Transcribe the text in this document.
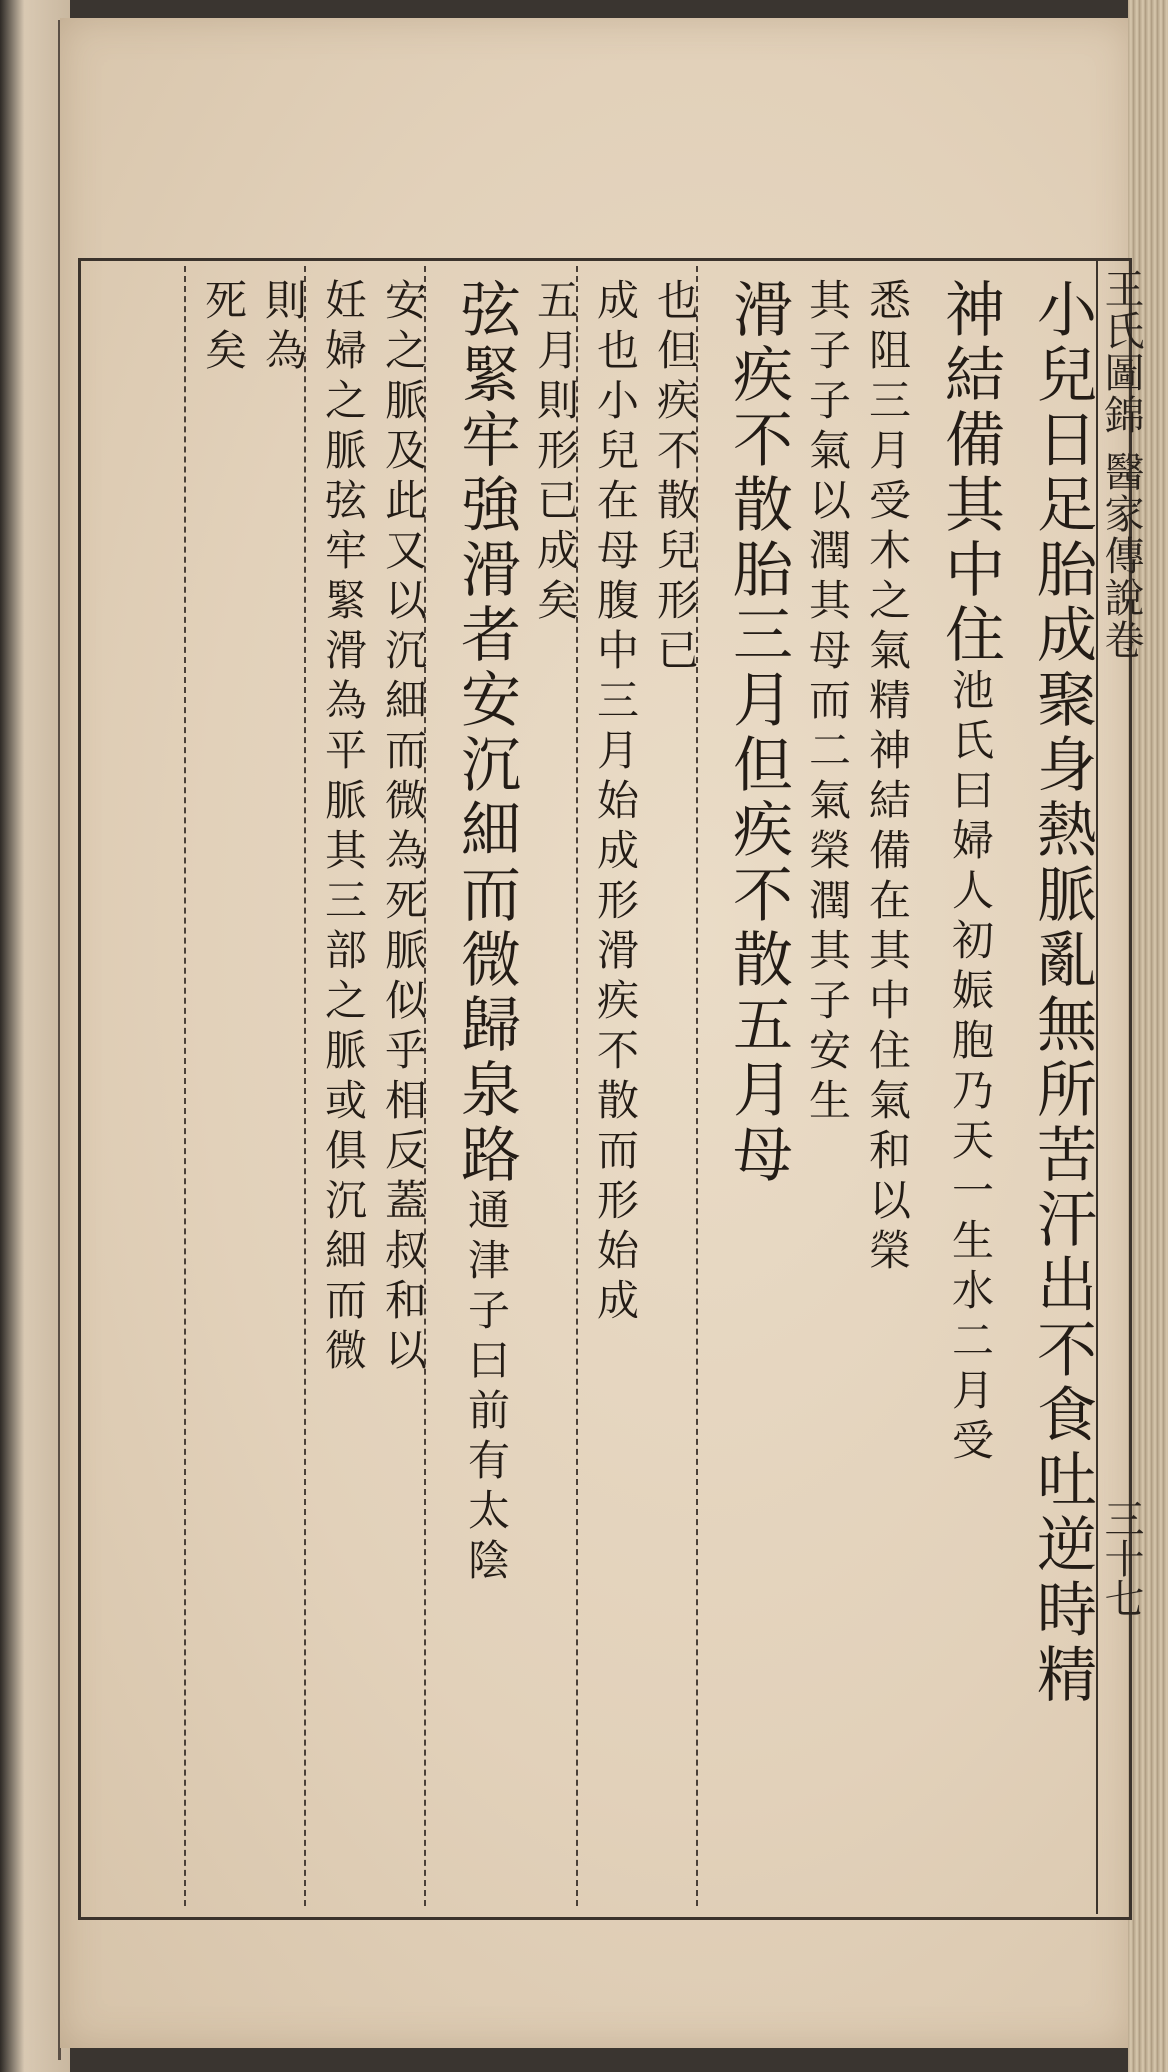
王氏圖錦 醫家傳說卷
三十七
小兒日足胎成聚身熱脈亂無所苦汗出不食吐逆時精
神結備其中住池氏曰婦人初娠胞乃天一生水二月受
悉阻三月受木之氣精神結備在其中住氣和以榮
其子子氣以潤其母而二氣榮潤其子安生
滑疾不散胎三月但疾不散五月母
也但疾不散兒形已
成也小兒在母腹中三月始成形滑疾不散而形始成
五月則形已成矣
弦緊牢強滑者安沉細而微歸泉路通津子曰前有太陰
安之脈及此又以沉細而微為死脈似乎相反蓋叔和以
妊婦之脈弦牢緊滑為平脈其三部之脈或俱沉細而微
則為
死矣
